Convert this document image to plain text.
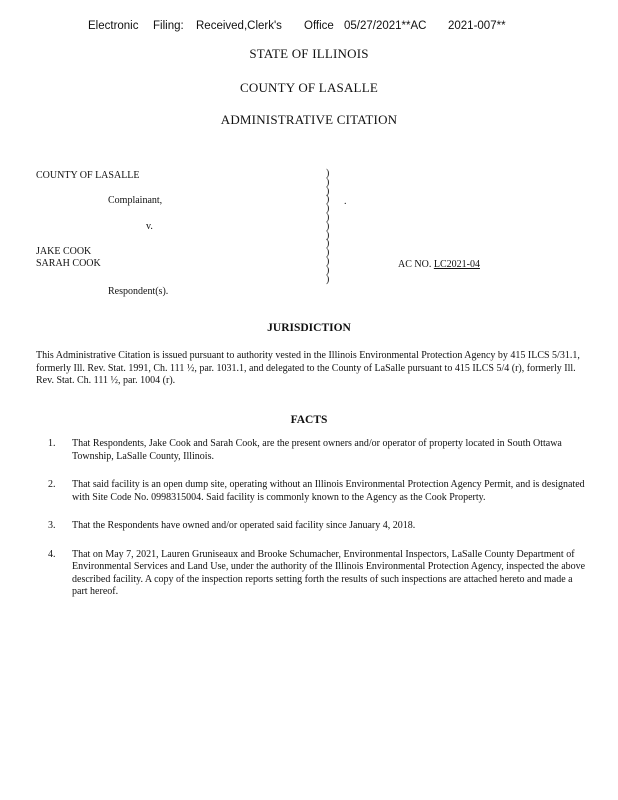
Electronic Filing: Received,Clerk's Office 05/27/2021**AC 2021-007**
STATE OF ILLINOIS
COUNTY OF LASALLE
ADMINISTRATIVE CITATION
COUNTY OF LASALLE
Complainant,
v.
JAKE COOK
SARAH COOK
Respondent(s).
)
)
)
)
)
)
)
)
)
)
)
)
)
.
AC NO. LC2021-04
JURISDICTION
This Administrative Citation is issued pursuant to authority vested in the Illinois Environmental Protection Agency by 415 ILCS 5/31.1, formerly Ill. Rev. Stat. 1991, Ch. 111 ½, par. 1031.1, and delegated to the County of LaSalle pursuant to 415 ILCS 5/4 (r), formerly Ill. Rev. Stat. Ch. 111 ½, par. 1004 (r).
FACTS
1. That Respondents, Jake Cook and Sarah Cook, are the present owners and/or operator of property located in South Ottawa Township, LaSalle County, Illinois.
2. That said facility is an open dump site, operating without an Illinois Environmental Protection Agency Permit, and is designated with Site Code No. 0998315004. Said facility is commonly known to the Agency as the Cook Property.
3. That the Respondents have owned and/or operated said facility since January 4, 2018.
4. That on May 7, 2021, Lauren Gruniseaux and Brooke Schumacher, Environmental Inspectors, LaSalle County Department of Environmental Services and Land Use, under the authority of the Illinois Environmental Protection Agency, inspected the above described facility. A copy of the inspection reports setting forth the results of such inspections are attached hereto and made a part hereof.
